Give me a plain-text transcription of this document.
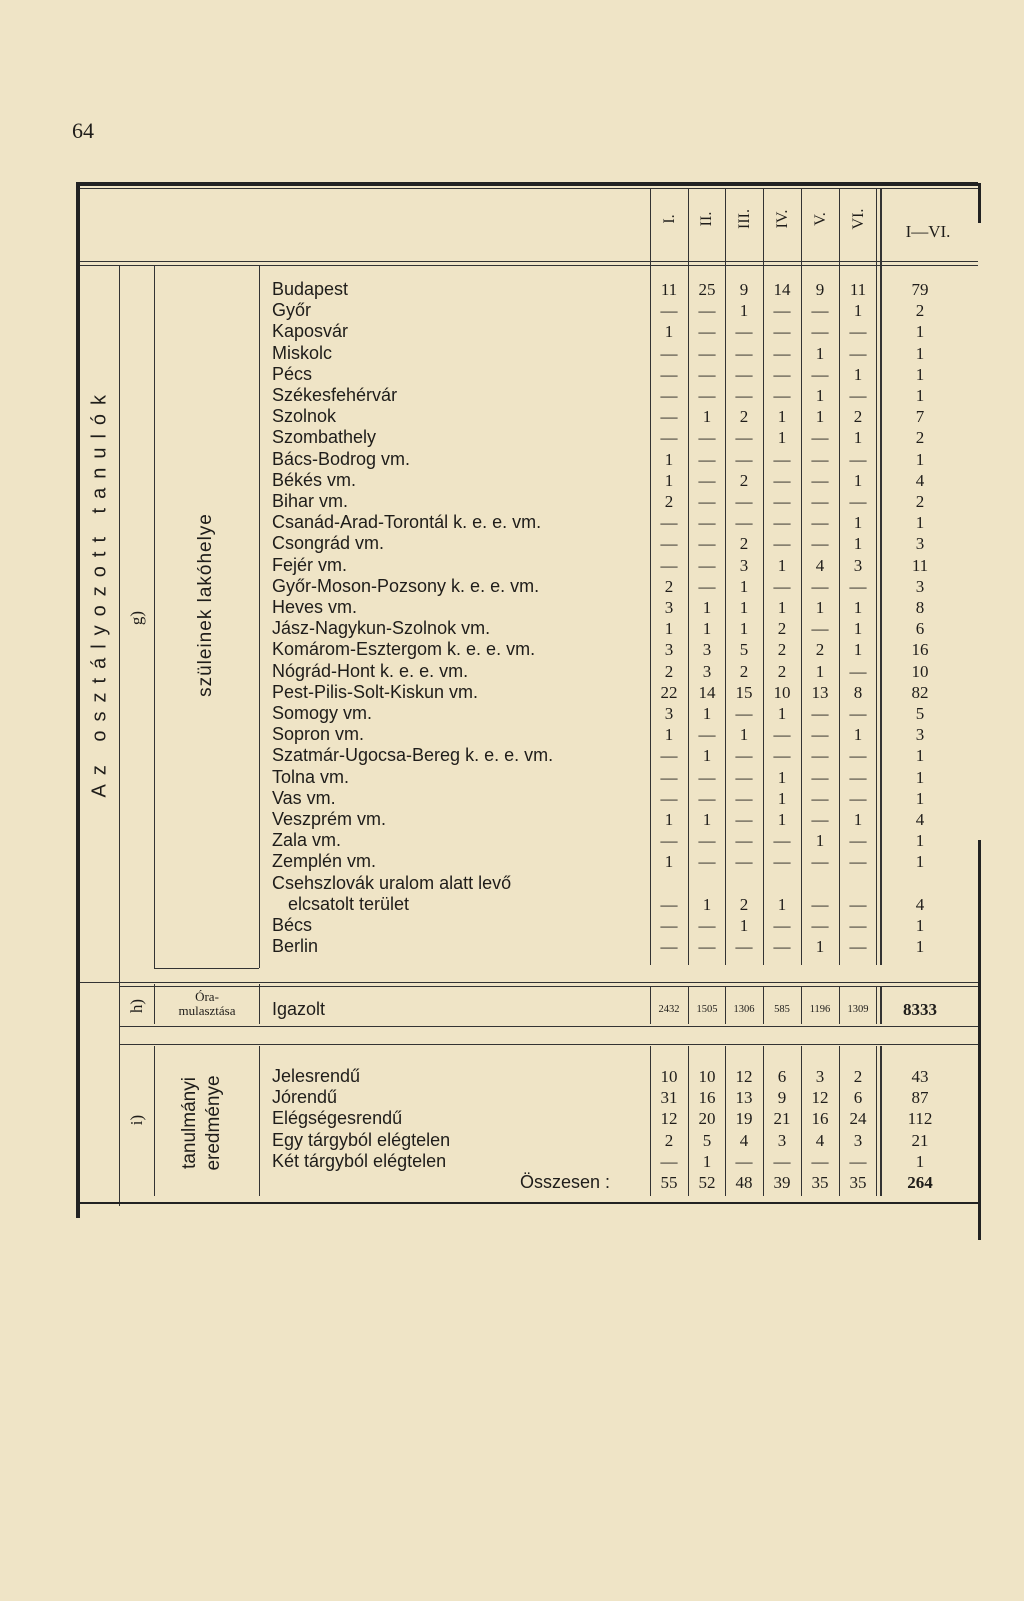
64
I. II. III. IV. V. VI.
I—VI.
Az osztályozott tanulók g)	szüleinek lakóhelye
h)
Óra-
mulasztása
i) tanulmányi eredménye
Budapest	11	25	9	14	9	11	79
Győr	—	—	1	—	—	1	2
Kaposvár	1	—	—	—	—	—	1
Miskolc	—	—	—	—	1	—	1
Pécs	—	—	—	—	—	1	1
Székesfehérvár	—	—	—	—	1	—	1
Szolnok	—	1	2	1	1	2	7
Szombathely	—	—	—	1	—	1	2
Bács-Bodrog vm.	1	—	—	—	—	—	1
Békés vm.	1	—	2	—	—	1	4
Bihar vm.	2	—	—	—	—	—	2
Csanád-Arad-Torontál k. e. e. vm.	—	—	—	—	—	1	1
Csongrád vm.	—	—	2	—	—	1	3
Fejér vm.	—	—	3	1	4	3	11
Győr-Moson-Pozsony k. e. e. vm.	2	—	1	—	—	—	3
Heves vm.	3	1	1	1	1	1	8
Jász-Nagykun-Szolnok vm.	1	1	1	2	—	1	6
Komárom-Esztergom k. e. e. vm.	3	3	5	2	2	1	16
Nógrád-Hont k. e. e. vm.	2	3	2	2	1	—	10
Pest-Pilis-Solt-Kiskun vm.	22	14	15	10	13	8	82
Somogy vm.	3	1	—	1	—	—	5
Sopron vm.	1	—	1	—	—	1	3
Szatmár-Ugocsa-Bereg k. e. e. vm.	—	1	—	—	—	—	1
Tolna vm.	—	—	—	1	—	—	1
Vas vm.	—	—	—	1	—	—	1
Veszprém vm.	1	1	—	1	—	1	4
Zala vm.	—	—	—	—	1	—	1
Zemplén vm.	1	—	—	—	—	—	1
Csehszlovák uralom alatt levő
elcsatolt terület	—	1	2	1	—	—	4
Bécs	—	—	1	—	—	—	1
Berlin	—	—	—	—	1	—	1
Igazolt	2432	1505	1306	585	1196	1309	8333
Jelesrendű	10	10	12	6	3	2	43
Jórendű	31	16	13	9	12	6	87
Elégségesrendű	12	20	19	21	16	24	112
Egy tárgyból elégtelen	2	5	4	3	4	3	21
Két tárgyból elégtelen	—	1	—	—	—	—	1
Összesen :	55	52	48	39	35	35	264
